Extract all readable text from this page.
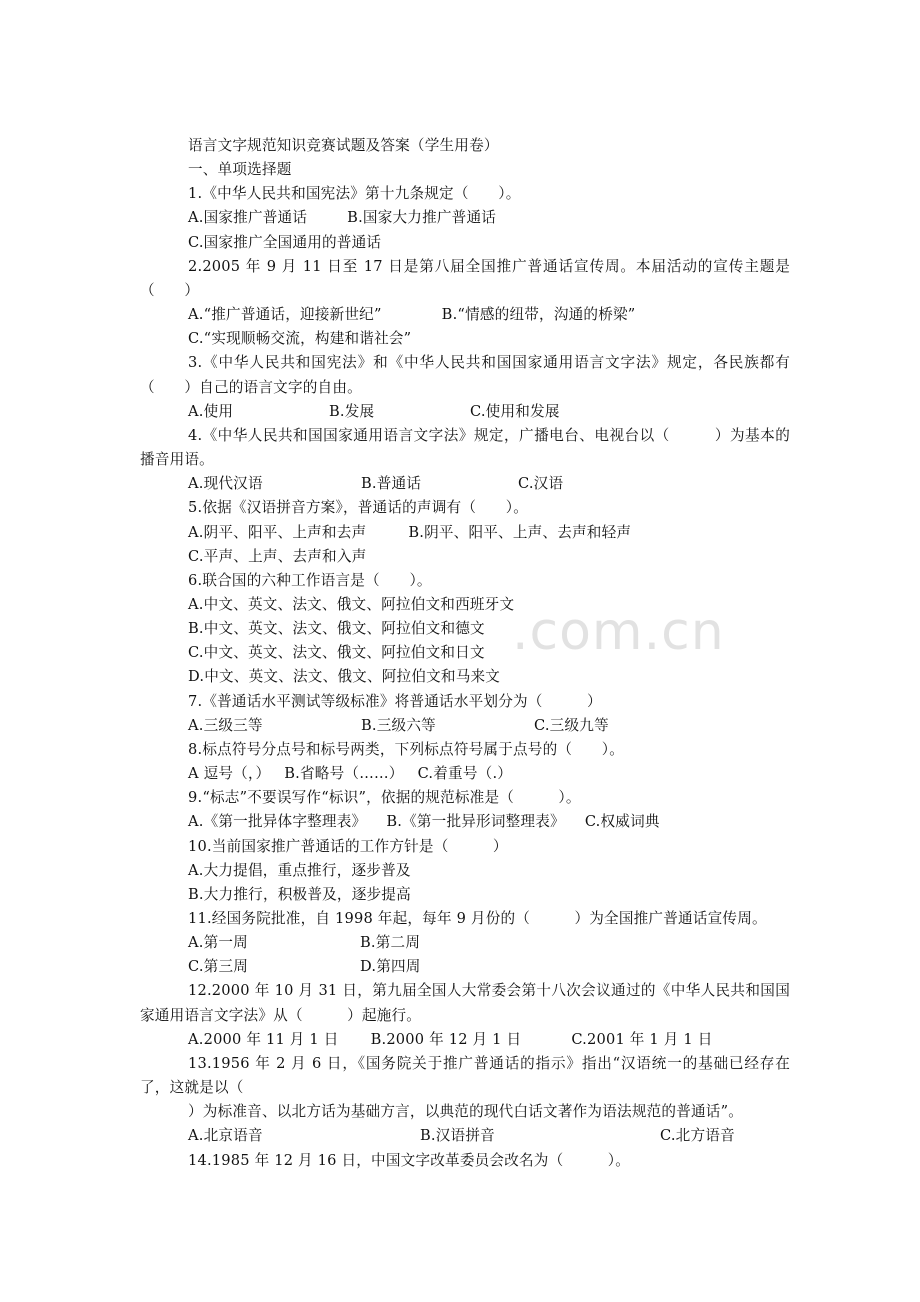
.com.cn

语言文字规范知识竞赛试题及答案（学生用卷）

一、单项选择题

1.《中华人民共和国宪法》第十九条规定（　　）。

A.国家推广普通话	B.国家大力推广普通话

C.国家推广全国通用的普通话

2.2005 年 9 月 11 日至 17 日是第八届全国推广普通话宣传周。本届活动的宣传主题是（　　）

A.“推广普通话，迎接新世纪”	B.“情感的纽带，沟通的桥梁”

C.“实现顺畅交流，构建和谐社会”

3.《中华人民共和国宪法》和《中华人民共和国国家通用语言文字法》规定，各民族都有（　　）自己的语言文字的自由。

A.使用	B.发展	C.使用和发展

4.《中华人民共和国国家通用语言文字法》规定，广播电台、电视台以（　　　）为基本的播音用语。

A.现代汉语	B.普通话	C.汉语

5.依据《汉语拼音方案》，普通话的声调有（　　）。

A.阴平、阳平、上声和去声	B.阴平、阳平、上声、去声和轻声

C.平声、上声、去声和入声

6.联合国的六种工作语言是（　　）。

A.中文、英文、法文、俄文、阿拉伯文和西班牙文

B.中文、英文、法文、俄文、阿拉伯文和德文

C.中文、英文、法文、俄文、阿拉伯文和日文

D.中文、英文、法文、俄文、阿拉伯文和马来文

7.《普通话水平测试等级标准》将普通话水平划分为（　　　）

A.三级三等	B.三级六等	C.三级九等

8.标点符号分点号和标号两类，下列标点符号属于点号的（　　）。

A 逗号（，） B.省略号（……） C.着重号（.）

9.“标志”不要误写作“标识”，依据的规范标准是（　　　）。

A.《第一批异体字整理表》 B.《第一批异形词整理表》 C.权威词典

10.当前国家推广普通话的工作方针是（　　　）

A.大力提倡，重点推行，逐步普及

B.大力推行，积极普及，逐步提高

11.经国务院批准，自 1998 年起，每年 9 月份的（　　　）为全国推广普通话宣传周。

A.第一周	B.第二周

C.第三周	D.第四周

12.2000 年 10 月 31 日，第九届全国人大常委会第十八次会议通过的《中华人民共和国国家通用语言文字法》从（　　　）起施行。

A.2000 年 11 月 1 日 B.2000 年 12 月 1 日	C.2001 年 1 月 1 日

13.1956 年 2 月 6 日，《国务院关于推广普通话的指示》指出“汉语统一的基础已经存在了，这就是以（

）为标准音、以北方话为基础方言，以典范的现代白话文著作为语法规范的普通话”。

A.北京语音	B.汉语拼音	C.北方语音

14.1985 年 12 月 16 日，中国文字改革委员会改名为（　　　）。
